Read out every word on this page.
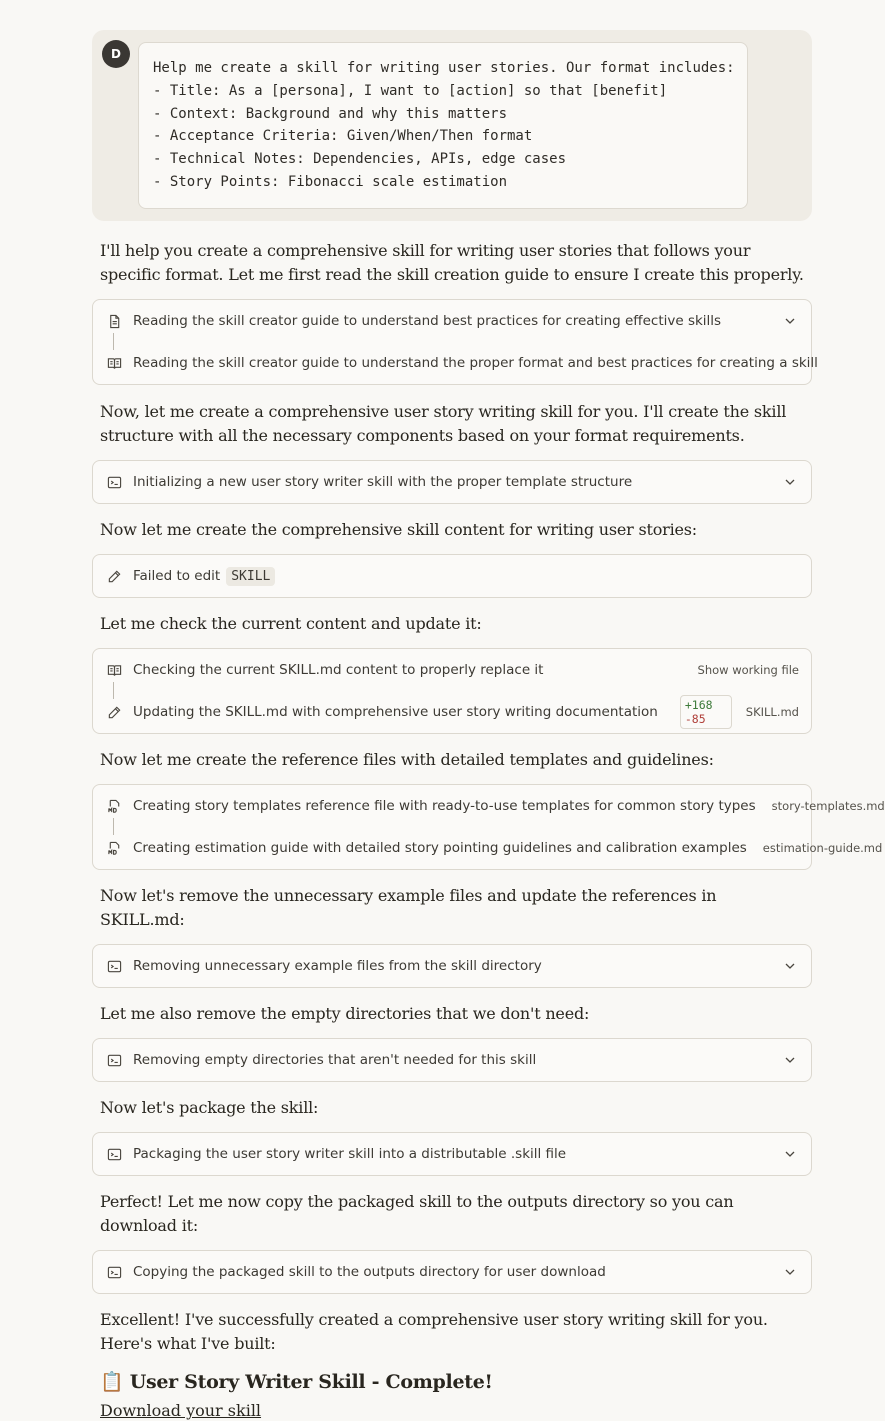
D
Help me create a skill for writing user stories. Our format includes:
- Title: As a [persona], I want to [action] so that [benefit]
- Context: Background and why this matters
- Acceptance Criteria: Given/When/Then format
- Technical Notes: Dependencies, APIs, edge cases
- Story Points: Fibonacci scale estimation
I'll help you create a comprehensive skill for writing user stories that follows your specific format. Let me first read the skill creation guide to ensure I create this properly.
Reading the skill creator guide to understand best practices for creating effective skills
Reading the skill creator guide to understand the proper format and best practices for creating a skill
Now, let me create a comprehensive user story writing skill for you. I'll create the skill structure with all the necessary components based on your format requirements.
Initializing a new user story writer skill with the proper template structure
Now let me create the comprehensive skill content for writing user stories:
Failed to edit SKILL
Let me check the current content and update it:
Checking the current SKILL.md content to properly replace it	Show working file
Updating the SKILL.md with comprehensive user story writing documentation	+168 -85	SKILL.md
Now let me create the reference files with detailed templates and guidelines:
Creating story templates reference file with ready-to-use templates for common story types	story-templates.md
Creating estimation guide with detailed story pointing guidelines and calibration examples	estimation-guide.md
Now let's remove the unnecessary example files and update the references in SKILL.md:
Removing unnecessary example files from the skill directory
Let me also remove the empty directories that we don't need:
Removing empty directories that aren't needed for this skill
Now let's package the skill:
Packaging the user story writer skill into a distributable .skill file
Perfect! Let me now copy the packaged skill to the outputs directory so you can download it:
Copying the packaged skill to the outputs directory for user download
Excellent! I've successfully created a comprehensive user story writing skill for you. Here's what I've built:
📋 User Story Writer Skill - Complete!
Download your skill
